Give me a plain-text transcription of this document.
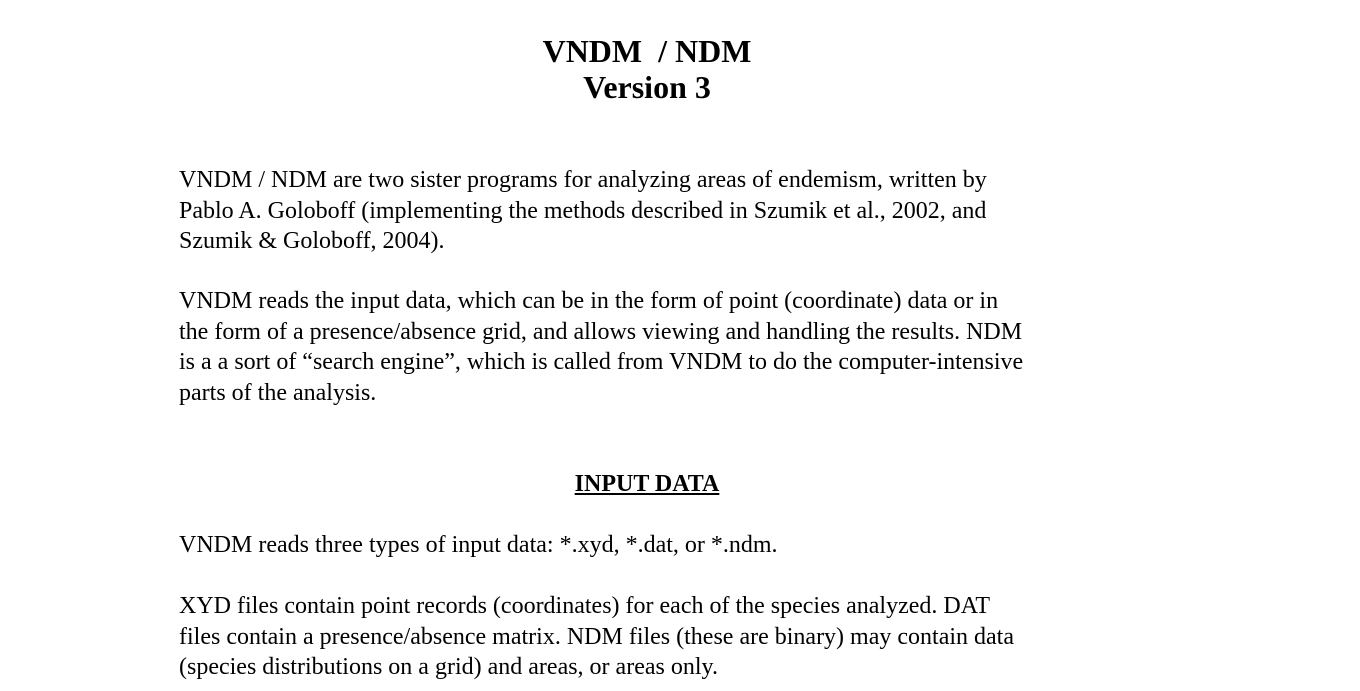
VNDM  / NDM
Version 3

VNDM / NDM are two sister programs for analyzing areas of endemism, written by
Pablo A. Goloboff (implementing the methods described in Szumik et al., 2002, and
Szumik & Goloboff, 2004).

VNDM reads the input data, which can be in the form of point (coordinate) data or in
the form of a presence/absence grid, and allows viewing and handling the results. NDM
is a a sort of “search engine”, which is called from VNDM to do the computer-intensive
parts of the analysis.

INPUT DATA

VNDM reads three types of input data: *.xyd, *.dat, or *.ndm.

XYD files contain point records (coordinates) for each of the species analyzed. DAT
files contain a presence/absence matrix. NDM files (these are binary) may contain data
(species distributions on a grid) and areas, or areas only.
